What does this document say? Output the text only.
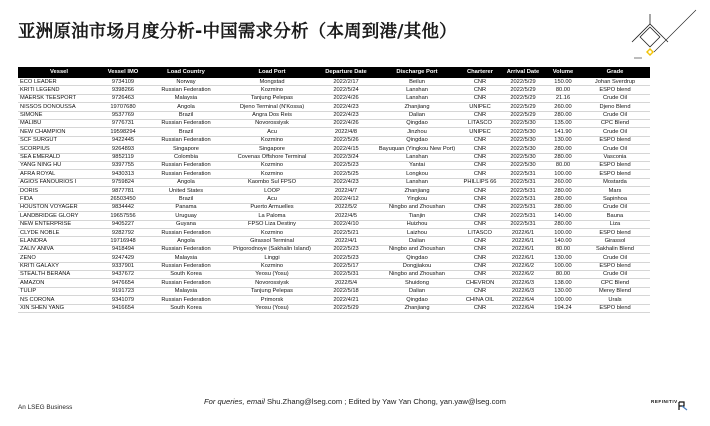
亚洲原油市场月度分析-中国需求分析（本周到港/其他）
Vessel	Vessel IMO	Load Country	Load Port	Departure Date	Discharge Port	Charterer	Arrival Date	Volume	Grade
ECO LEADER	9734109	Norway	Mongstad	2022/2/17	Beilun	CNR	2022/5/29	150.00	Johan Sverdrup
KRITI LEGEND	9398266	Russian Federation	Kozmino	2022/5/24	Lanshan	CNR	2022/5/29	80.00	ESPO blend
MAERSK TEESPORT	9726463	Malaysia	Tanjung Pelepas	2022/4/26	Lanshan	CNR	2022/5/29	21.16	Crude Oil
NISSOS DONOUSSA	19707680	Angola	Djeno Terminal (N'Kossa)	2022/4/23	Zhanjiang	UNIPEC	2022/5/29	260.00	Djeno Blend
SIMONE	9537769	Brazil	Angra Dos Reis	2022/4/23	Dalian	CNR	2022/5/29	280.00	Crude Oil
MALIBU	9776731	Russian Federation	Novorossiysk	2022/4/26	Qingdao	LITASCO	2022/5/30	135.00	CPC Blend
NEW CHAMPION	19598294	Brazil	Acu	2022/4/8	Jinzhou	UNIPEC	2022/5/30	141.90	Crude Oil
SCF SURGUT	9422445	Russian Federation	Kozmino	2022/5/26	Qingdao	CNR	2022/5/30	130.00	ESPO blend
SCORPIUS	9264893	Singapore	Singapore	2022/4/15	Bayuquan (Yingkou New Port)	CNR	2022/5/30	280.00	Crude Oil
SEA EMERALD	9852119	Colombia	Covenas Offshore Terminal	2022/3/24	Lanshan	CNR	2022/5/30	280.00	Vasconia
YANG NING HU	9397755	Russian Federation	Kozmino	2022/5/23	Yantai	CNR	2022/5/30	80.00	ESPO blend
AFRA ROYAL	9430313	Russian Federation	Kozmino	2022/5/25	Longkou	CNR	2022/5/31	100.00	ESPO blend
AGIOS FANOURIOS I	9759824	Angola	Kaombo Sul FPSO	2022/4/23	Lanshan	PHILLIPS 66	2022/5/31	260.00	Mostarda
DORIS	9877781	United States	LOOP	2022/4/7	Zhanjiang	CNR	2022/5/31	280.00	Mars
FIDA	26503450	Brazil	Acu	2022/4/12	Yingkou	CNR	2022/5/31	280.00	Sapinhoa
HOUSTON VOYAGER	9834442	Panama	Puerto Armuelles	2022/5/2	Ningbo and Zhoushan	CNR	2022/5/31	280.00	Crude Oil
LANDBRIDGE GLORY	19657556	Uruguay	La Paloma	2022/4/5	Tianjin	CNR	2022/5/31	140.00	Bauna
NEW ENTERPRISE	9405227	Guyana	FPSO Liza Destiny	2022/4/10	Huizhou	CNR	2022/5/31	280.00	Liza
CLYDE NOBLE	9282792	Russian Federation	Kozmino	2022/5/21	Laizhou	LITASCO	2022/6/1	100.00	ESPO blend
ELANDRA	19716948	Angola	Girassol Terminal	2022/4/1	Dalian	CNR	2022/6/1	140.00	Girassol
ZALIV ANIVA	9418494	Russian Federation	Prigorodnoye (Sakhalin Island)	2022/5/23	Ningbo and Zhoushan	CNR	2022/6/1	80.00	Sakhalin Blend
ZENO	9247429	Malaysia	Linggi	2022/5/23	Qingdao	CNR	2022/6/1	130.00	Crude Oil
KRITI GALAXY	9337901	Russian Federation	Kozmino	2022/5/17	Dongjiakou	CNR	2022/6/2	100.00	ESPO blend
STEALTH BERANA	9437672	South Korea	Yeosu (Yosu)	2022/5/31	Ningbo and Zhoushan	CNR	2022/6/2	80.00	Crude Oil
AMAZON	9476654	Russian Federation	Novorossiysk	2022/5/4	Shuidong	CHEVRON	2022/6/3	138.00	CPC Blend
TULIP	9191723	Malaysia	Tanjung Pelepas	2022/5/18	Dalian	CNR	2022/6/3	130.00	Merey Blend
NS CORONA	9341079	Russian Federation	Primorsk	2022/4/21	Qingdao	CHINA OIL	2022/6/4	100.00	Urals
XIN SHEN YANG	9416654	South Korea	Yeosu (Yosu)	2022/5/29	Zhanjiang	CNR	2022/6/4	194.24	ESPO blend
For queries, email Shu.Zhang@lseg.com ; Edited by Yaw Yan Chong, yan.yaw@lseg.com
An LSEG Business
REFINITIV
